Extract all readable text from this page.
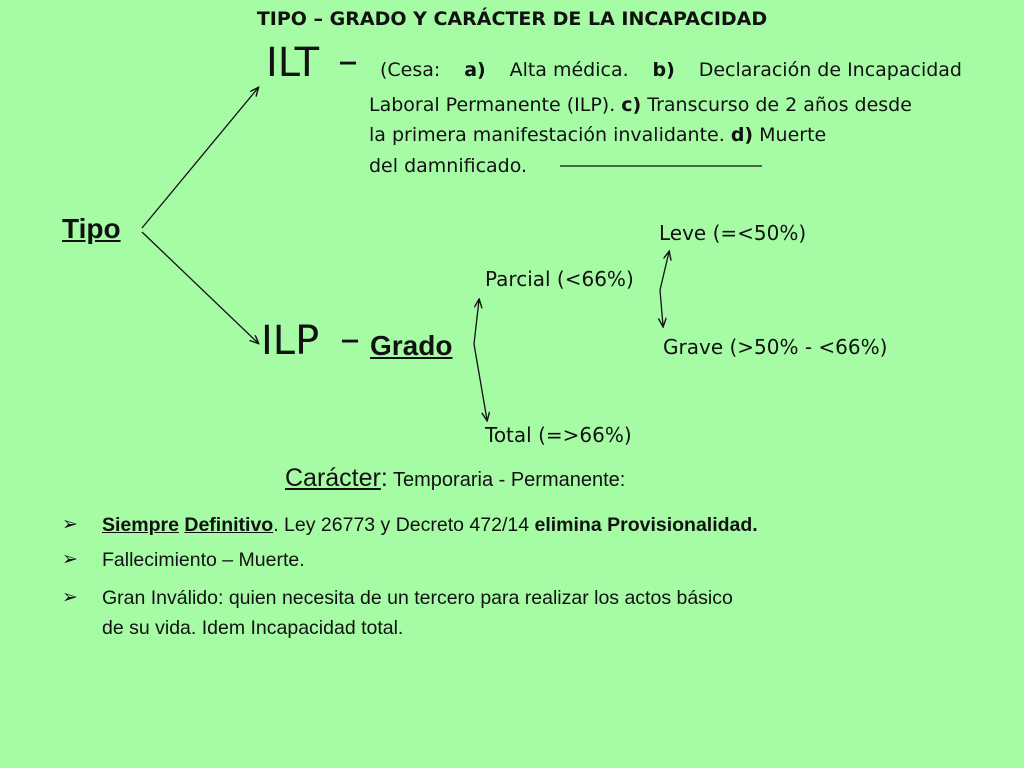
TIPO – GRADO Y CARÁCTER DE LA INCAPACIDAD
ILT – (Cesa: a) Alta médica. b) Declaración de Incapacidad
Laboral Permanente (ILP). c) Transcurso de 2 años desde
la primera manifestación invalidante. d) Muerte
del damnificado.
Tipo
ILP – Grado
Parcial (<66%)
Total (=>66%)
Leve (=<50%)
Grave (>50% - <66%)
Carácter: Temporaria - Permanente:
➢ Siempre Definitivo. Ley 26773 y Decreto 472/14 elimina Provisionalidad.
➢ Fallecimiento – Muerte.
➢ Gran Inválido: quien necesita de un tercero para realizar los actos básico
de su vida. Idem Incapacidad total.
